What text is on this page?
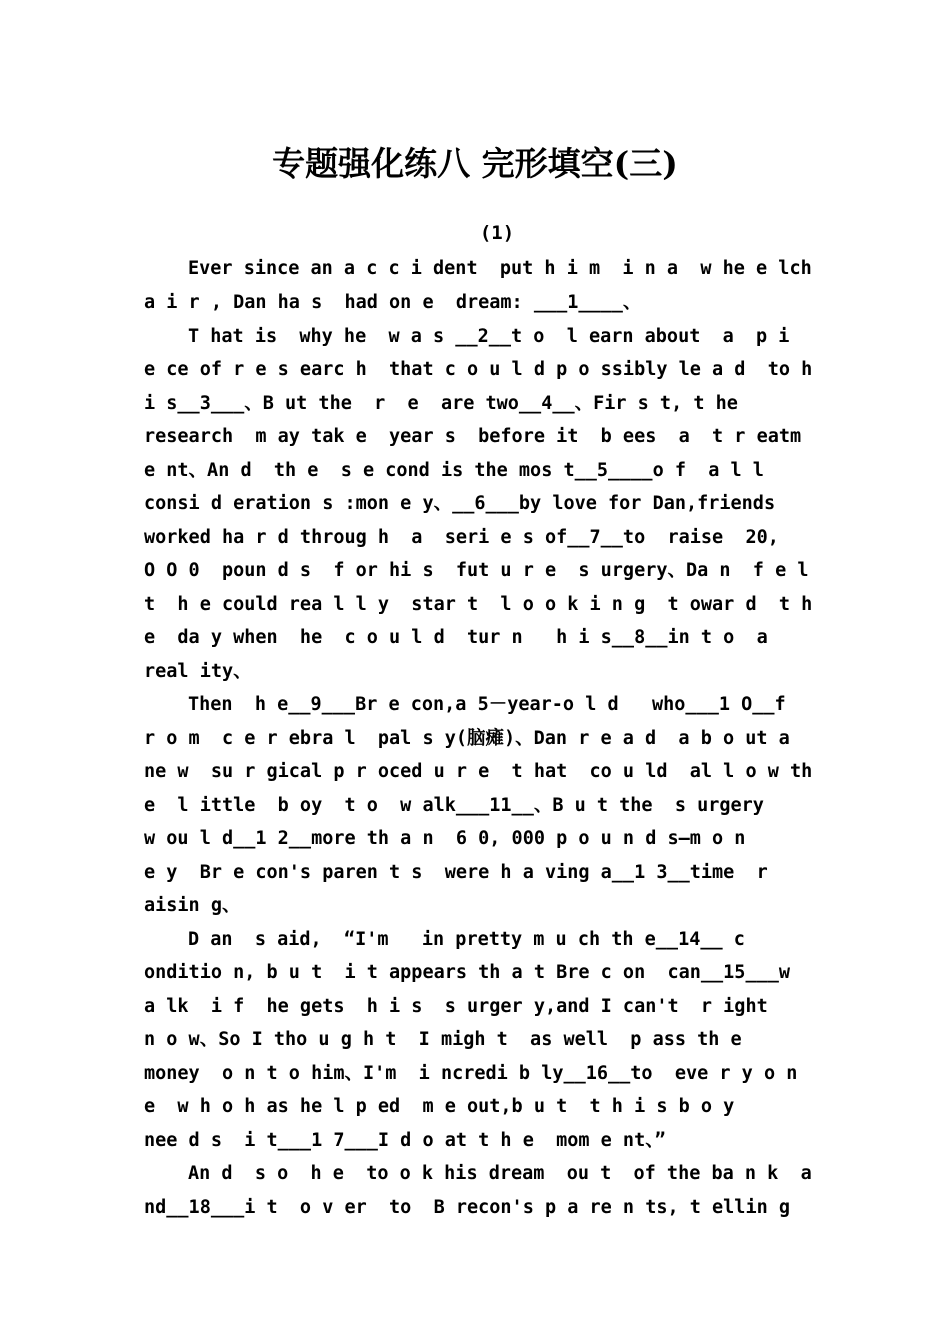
专题强化练八 完形填空(三)
(1)
Ever since an a c c i dent  put h i m  i n a  w he e lch
a i r , Dan ha s  had on e  dream: ___1____、
T hat is  why he  w a s __2__t o  l earn about  a  p i
e ce of r e s earc h  that c o u l d p o ssibly le a d  to h
i s__3___、B ut the  r  e  are two__4__、Fir s t, t he
research  m ay tak e  year s  before it  b ees  a  t r eatm
e nt、An d  th e  s e cond is the mos t__5____o f  a l l
consi d eration s :mon e y、__6___by love for Dan,friends
worked ha r d throug h  a  seri e s of__7__to  raise  20,
O O 0  poun d s  f or hi s  fut u r e  s urgery、Da n  f e l
t  h e could rea l l y  star t  l o o k i n g  t owar d  t h
e  da y when  he  c o u l d  tur n   h i s__8__in t o  a
real ity、
Then  h e__9___Br e con,a 5－year-o l d   who___1 O__f
r o m  c e r ebra l  pal s y(脑瘫)、Dan r e a d  a b o ut a
ne w  su r gical p r oced u r e  t hat  co u ld  al l o w th
e  l ittle  b oy  t o  w alk___11__、B u t the  s urgery
w ou l d__1 2__more th a n  6 0, 000 p o u n d s—m o n
e y  Br e con's paren t s  were h a ving a__1 3__time  r
aisin g、
D an  s aid,  “I'm   in pretty m u ch th e__14__ c
onditio n, b u t  i t appears th a t Bre c on  can__15___w
a lk  i f  he gets  h i s  s urger y,and I can't  r ight
n o w、So I tho u g h t  I migh t  as well  p ass th e
money  o n t o him、I'm  i ncredi b ly__16__to  eve r y o n
e  w h o h as he l p ed  m e out,b u t  t h i s b o y
nee d s  i t___1 7___I d o at t h e  mom e nt、”
An d  s o  h e  to o k his dream  ou t  of the ba n k  a
nd__18___i t  o v er  to  B recon's p a re n ts, t ellin g
